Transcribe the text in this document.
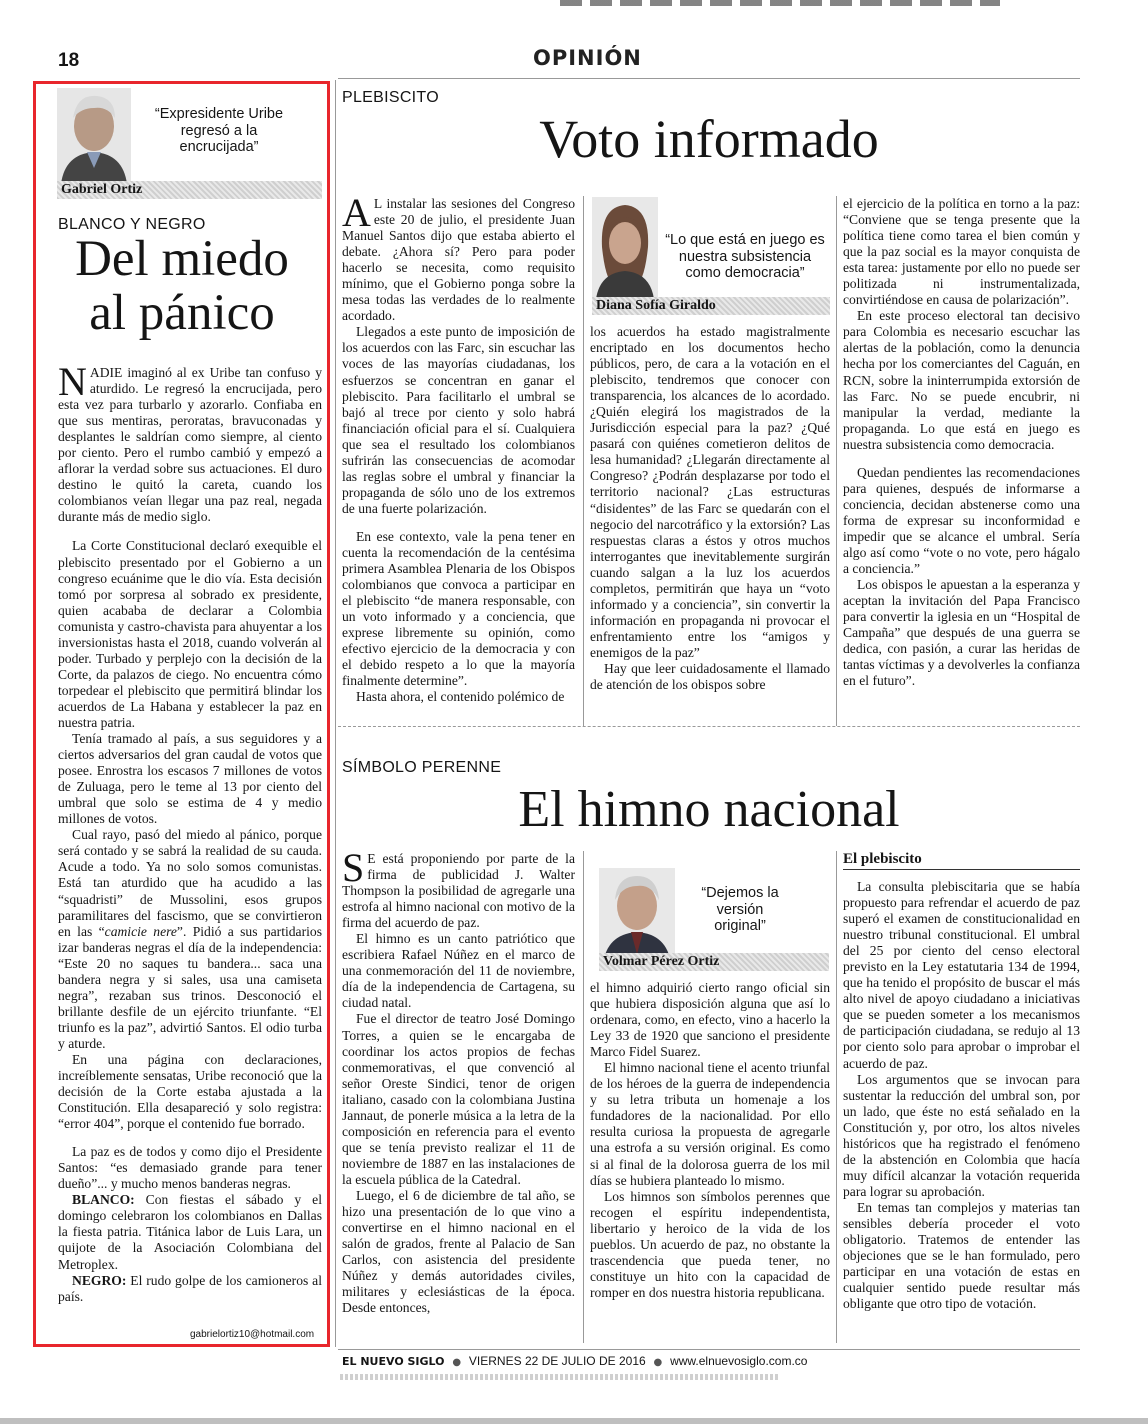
18	OPINIÓN
“Expresidente Uribe regresó a la encrucijada”
Gabriel Ortiz
BLANCO Y NEGRO
Del miedo
al pánico

NADIE imaginó al ex Uribe tan confuso y aturdido. Le regresó la encrucijada, pero esta vez para turbarlo y azorarlo. Confiaba en que sus mentiras, peroratas, bravuconadas y desplantes le saldrían como siempre, al ciento por ciento. Pero el rumbo cambió y empezó a aflorar la verdad sobre sus actuaciones. El duro destino le quitó la careta, cuando los colombianos veían llegar una paz real, negada durante más de medio siglo.

La Corte Constitucional declaró exequible el plebiscito presentado por el Gobierno a un congreso ecuánime que le dio vía. Esta decisión tomó por sorpresa al sobrado ex presidente, quien acababa de declarar a Colombia comunista y castro-chavista para ahuyentar a los inversionistas hasta el 2018, cuando volverán al poder. Turbado y perplejo con la decisión de la Corte, da palazos de ciego. No encuentra cómo torpedear el plebiscito que permitirá blindar los acuerdos de La Habana y establecer la paz en nuestra patria.

Tenía tramado al país, a sus seguidores y a ciertos adversarios del gran caudal de votos que posee. Enrostra los escasos 7 millones de votos de Zuluaga, pero le teme al 13 por ciento del umbral que solo se estima de 4 y medio millones de votos.

Cual rayo, pasó del miedo al pánico, porque será contado y se sabrá la realidad de su cauda. Acude a todo. Ya no solo somos comunistas. Está tan aturdido que ha acudido a las “squadristi” de Mussolini, esos grupos paramilitares del fascismo, que se convirtieron en las “camicie nere”. Pidió a sus partidarios izar banderas negras el día de la independencia: “Este 20 no saques tu bandera... saca una bandera negra y si sales, usa una camiseta negra”, rezaban sus trinos. Desconoció el brillante desfile de un ejército triunfante. “El triunfo es la paz”, advirtió Santos. El odio turba y aturde.

En una página con declaraciones, increíblemente sensatas, Uribe reconoció que la decisión de la Corte estaba ajustada a la Constitución. Ella desapareció y solo registra: “error 404”, porque el contenido fue borrado.

La paz es de todos y como dijo el Presidente Santos: “es demasiado grande para tener dueño”... y mucho menos banderas negras.

BLANCO: Con fiestas el sábado y el domingo celebraron los colombianos en Dallas la fiesta patria. Titánica labor de Luis Lara, un quijote de la Asociación Colombiana del Metroplex.

NEGRO: El rudo golpe de los camioneros al país.

gabrielortiz10@hotmail.com
PLEBISCITO
Voto informado

A L instalar las sesiones del Congreso este 20 de julio, el presidente Juan Manuel Santos dijo que estaba abierto el debate. ¿Ahora sí? Pero para poder hacerlo se necesita, como requisito mínimo, que el Gobierno ponga sobre la mesa todas las verdades de lo realmente acordado.

Llegados a este punto de imposición de los acuerdos con las Farc, sin escuchar las voces de las mayorías ciudadanas, los esfuerzos se concentran en ganar el plebiscito. Para facilitarlo el umbral se bajó al trece por ciento y solo habrá financiación oficial para el sí. Cualquiera que sea el resultado los colombianos sufrirán las consecuencias de acomodar las reglas sobre el umbral y financiar la propaganda de sólo uno de los extremos de una fuerte polarización.

En ese contexto, vale la pena tener en cuenta la recomendación de la centésima primera Asamblea Plenaria de los Obispos colombianos que convoca a participar en el plebiscito “de manera responsable, con un voto informado y a conciencia, que exprese libremente su opinión, como efectivo ejercicio de la democracia y con el debido respeto a lo que la mayoría finalmente determine”.

Hasta ahora, el contenido polémico de

“Lo que está en juego es nuestra subsistencia como democracia”
Diana Sofía Giraldo

los acuerdos ha estado magistralmente encriptado en los documentos hecho públicos, pero, de cara a la votación en el plebiscito, tendremos que conocer con transparencia, los alcances de lo acordado. ¿Quién elegirá los magistrados de la Jurisdicción especial para la paz? ¿Qué pasará con quiénes cometieron delitos de lesa humanidad? ¿Llegarán directamente al Congreso? ¿Podrán desplazarse por todo el territorio nacional? ¿Las estructuras “disidentes” de las Farc se quedarán con el negocio del narcotráfico y la extorsión? Las respuestas claras a éstos y otros muchos interrogantes que inevitablemente surgirán cuando salgan a la luz los acuerdos completos, permitirán que haya un “voto informado y a conciencia”, sin convertir la información en propaganda ni provocar el enfrentamiento entre los “amigos y enemigos de la paz”

Hay que leer cuidadosamente el llamado de atención de los obispos sobre

el ejercicio de la política en torno a la paz: “Conviene que se tenga presente que la política tiene como tarea el bien común y que la paz social es la mayor conquista de esta tarea: justamente por ello no puede ser politizada ni instrumentalizada, convirtiéndose en causa de polarización”.

En este proceso electoral tan decisivo para Colombia es necesario escuchar las alertas de la población, como la denuncia hecha por los comerciantes del Caguán, en RCN, sobre la ininterrumpida extorsión de las Farc. No se puede encubrir, ni manipular la verdad, mediante la propaganda. Lo que está en juego es nuestra subsistencia como democracia.

Quedan pendientes las recomendaciones para quienes, después de informarse a conciencia, decidan abstenerse como una forma de expresar su inconformidad e impedir que se alcance el umbral. Sería algo así como “vote o no vote, pero hágalo a conciencia.”

Los obispos le apuestan a la esperanza y aceptan la invitación del Papa Francisco para convertir la iglesia en un “Hospital de Campaña” que después de una guerra se dedica, con pasión, a curar las heridas de tantas víctimas y a devolverles la confianza en el futuro”.

SÍMBOLO PERENNE
El himno nacional

S E está proponiendo por parte de la firma de publicidad J. Walter Thompson la posibilidad de agregarle una estrofa al himno nacional con motivo de la firma del acuerdo de paz.

El himno es un canto patriótico que escribiera Rafael Núñez en el marco de una conmemoración del 11 de noviembre, día de la independencia de Cartagena, su ciudad natal.

Fue el director de teatro José Domingo Torres, a quien se le encargaba de coordinar los actos propios de fechas conmemorativas, el que convenció al señor Oreste Sindici, tenor de origen italiano, casado con la colombiana Justina Jannaut, de ponerle música a la letra de la composición en referencia para el evento que se tenía previsto realizar el 11 de noviembre de 1887 en las instalaciones de la escuela pública de la Catedral.

Luego, el 6 de diciembre de tal año, se hizo una presentación de lo que vino a convertirse en el himno nacional en el salón de grados, frente al Palacio de San Carlos, con asistencia del presidente Núñez y demás autoridades civiles, militares y eclesiásticas de la época. Desde entonces,

“Dejemos la versión original”
Volmar Pérez Ortiz

el himno adquirió cierto rango oficial sin que hubiera disposición alguna que así lo ordenara, como, en efecto, vino a hacerlo la Ley 33 de 1920 que sanciono el presidente Marco Fidel Suarez.

El himno nacional tiene el acento triunfal de los héroes de la guerra de independencia y su letra tributa un homenaje a los fundadores de la nacionalidad. Por ello resulta curiosa la propuesta de agregarle una estrofa a su versión original. Es como si al final de la dolorosa guerra de los mil días se hubiera planteado lo mismo.

Los himnos son símbolos perennes que recogen el espíritu independentista, libertario y heroico de la vida de los pueblos. Un acuerdo de paz, no obstante la trascendencia que pueda tener, no constituye un hito con la capacidad de romper en dos nuestra historia republicana.

El plebiscito

La consulta plebiscitaria que se había propuesto para refrendar el acuerdo de paz superó el examen de constitucionalidad en nuestro tribunal constitucional. El umbral del 25 por ciento del censo electoral previsto en la Ley estatutaria 134 de 1994, que ha tenido el propósito de buscar el más alto nivel de apoyo ciudadano a iniciativas que se pueden someter a los mecanismos de participación ciudadana, se redujo al 13 por ciento solo para aprobar o improbar el acuerdo de paz.

Los argumentos que se invocan para sustentar la reducción del umbral son, por un lado, que éste no está señalado en la Constitución y, por otro, los altos niveles históricos que ha registrado el fenómeno de la abstención en Colombia que hacía muy difícil alcanzar la votación requerida para lograr su aprobación.

En temas tan complejos y materias tan sensibles debería proceder el voto obligatorio. Tratemos de entender las objeciones que se le han formulado, pero participar en una votación de estas en cualquier sentido puede resultar más obligante que otro tipo de votación.

EL NUEVO SIGLO ● VIERNES 22 DE JULIO DE 2016 ● www.elnuevosiglo.com.co
